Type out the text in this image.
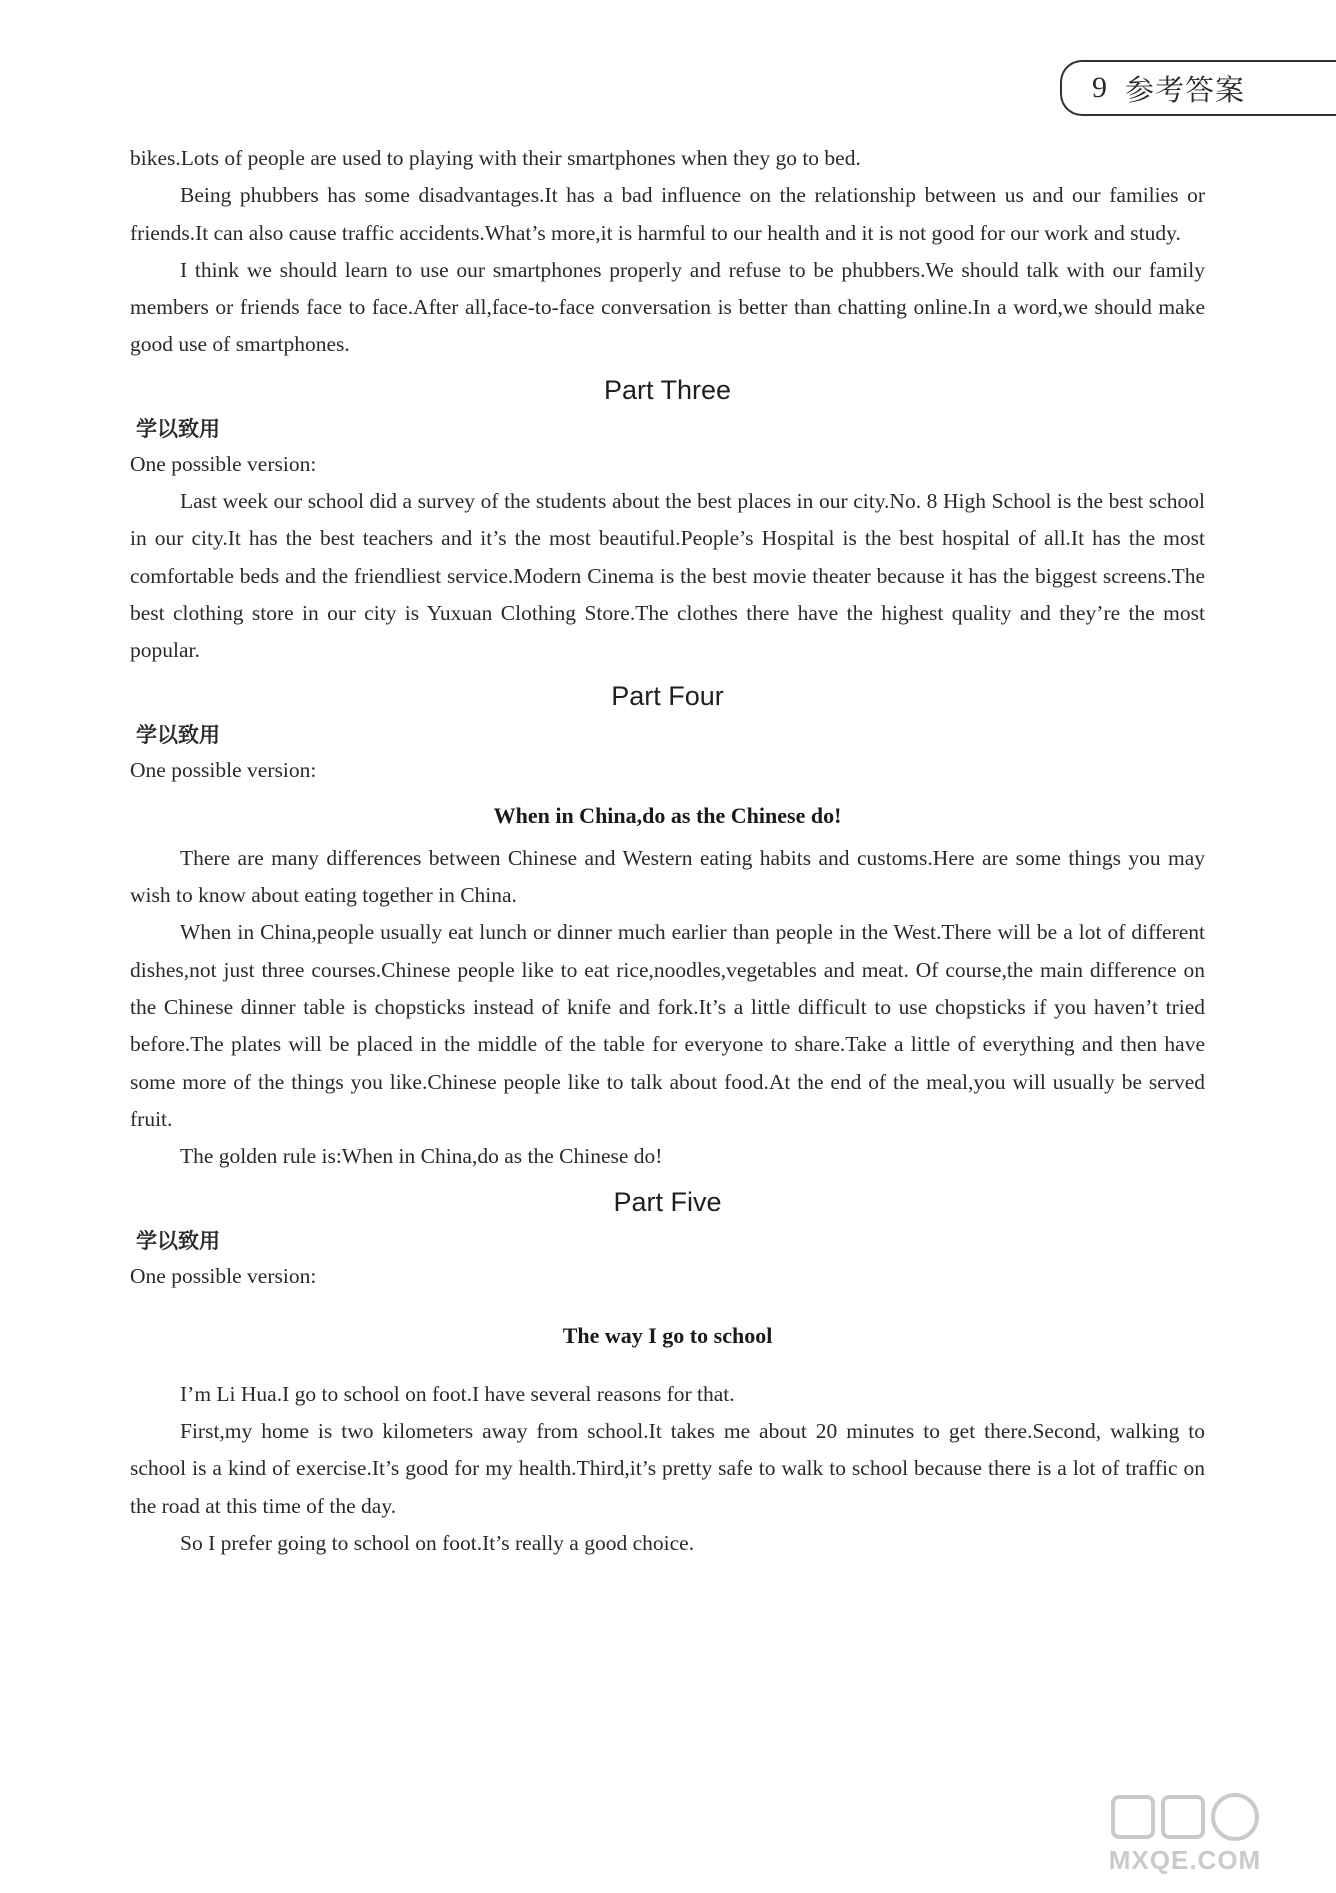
9 参考答案

bikes.Lots of people are used to playing with their smartphones when they go to bed.

Being phubbers has some disadvantages.It has a bad influence on the relationship between us and our families or friends.It can also cause traffic accidents.What’s more,it is harmful to our health and it is not good for our work and study.

I think we should learn to use our smartphones properly and refuse to be phubbers.We should talk with our family members or friends face to face.After all,face-to-face conversation is better than chatting online.In a word,we should make good use of smartphones.

Part Three
学以致用

One possible version:

Last week our school did a survey of the students about the best places in our city.No. 8 High School is the best school in our city.It has the best teachers and it’s the most beautiful.People’s Hospital is the best hospital of all.It has the most comfortable beds and the friendliest service.Modern Cinema is the best movie theater because it has the biggest screens.The best clothing store in our city is Yuxuan Clothing Store.The clothes there have the highest quality and they’re the most popular.

Part Four
学以致用

One possible version:

When in China,do as the Chinese do!

There are many differences between Chinese and Western eating habits and customs.Here are some things you may wish to know about eating together in China.

When in China,people usually eat lunch or dinner much earlier than people in the West.There will be a lot of different dishes,not just three courses.Chinese people like to eat rice,noodles,vegetables and meat. Of course,the main difference on the Chinese dinner table is chopsticks instead of knife and fork.It’s a little difficult to use chopsticks if you haven’t tried before.The plates will be placed in the middle of the table for everyone to share.Take a little of everything and then have some more of the things you like.Chinese people like to talk about food.At the end of the meal,you will usually be served fruit.

The golden rule is:When in China,do as the Chinese do!

Part Five
学以致用

One possible version:

The way I go to school

I’m Li Hua.I go to school on foot.I have several reasons for that.

First,my home is two kilometers away from school.It takes me about 20 minutes to get there.Second, walking to school is a kind of exercise.It’s good for my health.Third,it’s pretty safe to walk to school because there is a lot of traffic on the road at this time of the day.

So I prefer going to school on foot.It’s really a good choice.

MXQE.COM
